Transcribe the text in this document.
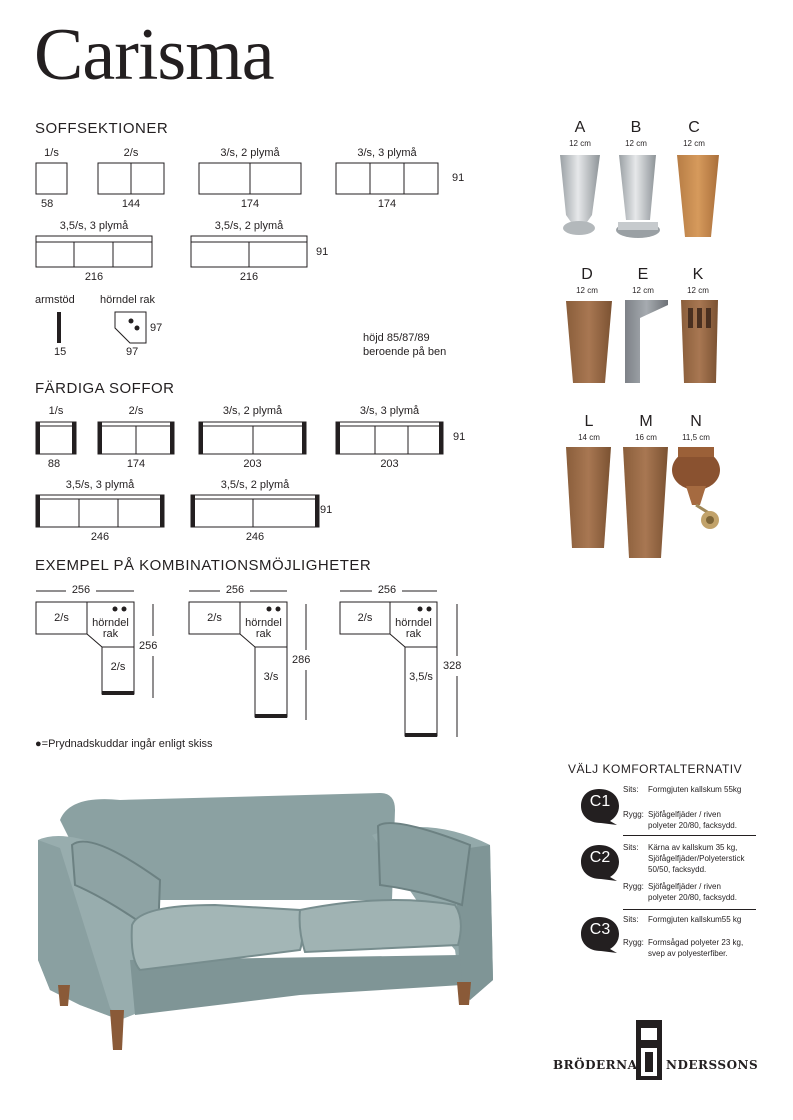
Carisma
SOFFSEKTIONER
1/s	2/s	3/s, 2 plymå	3/s, 3 plymå
58	144	174	174
91
3,5/s, 3 plymå	3,5/s, 2 plymå
216	216
91
armstöd
15
hörndel rak
97
97
höjd 85/87/89
beroende på ben
FÄRDIGA SOFFOR
1/s	2/s	3/s, 2 plymå	3/s, 3 plymå
88	174	203	203
91
3,5/s, 3 plymå	3,5/s, 2 plymå
246	246
91
EXEMPEL PÅ KOMBINATIONSMÖJLIGHETER
256
2/s	hörndel
rak
2/s
256
256
2/s	hörndel
rak
3/s
286
256
2/s	hörndel
rak
3,5/s
328
●=Prydnadskuddar ingår enligt skiss
A
12 cm
B
12 cm
C
12 cm
D
12 cm
E
12 cm
K
12 cm
L
14 cm
M
16 cm
N
11,5 cm
VÄLJ KOMFORTALTERNATIV
C1
Sits: Formgjuten kallskum 55kg
Rygg: Sjöfågelfjäder / riven
polyeter 20/80, facksydd.
C2
Sits: Kärna av kallskum 35 kg,
Sjöfågelfjäder/Polyeterstick
50/50, facksydd.
Rygg: Sjöfågelfjäder / riven
polyeter 20/80, facksydd.
C3
Sits: Formgjuten kallskum55 kg
Rygg: Formsågad polyeter 23 kg,
svep av polyesterfiber.
BRÖDERNA NDERSSONS
